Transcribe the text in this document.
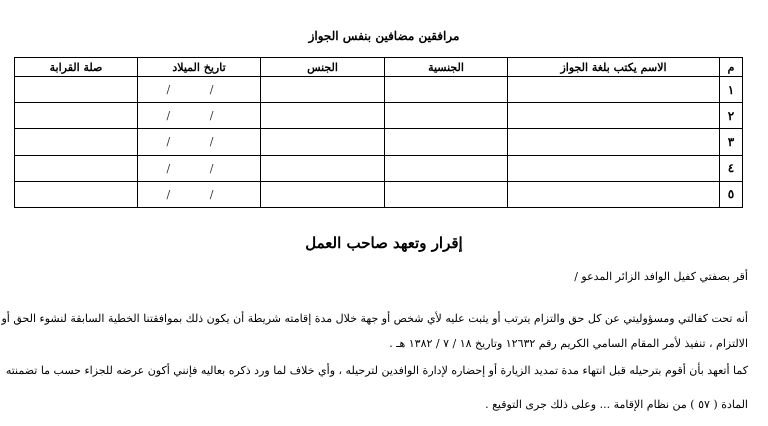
مرافقين مضافين بنفس الجواز
م	الاسم يكتب بلغة الجواز	الجنسية	الجنس	تاريخ الميلاد	صلة القرابة
١				/ /	
٢				/ /	
٣				/ /	
٤				/ /	
٥				/ /	
إقرار وتعهد صاحب العمل
أقر بصفتي كفيل الوافد الزائر المدعو /
أنه تحت كفالتي ومسؤوليتي عن كل حق والتزام يترتب أو يثبت عليه لأي شخص أو جهة خلال مدة إقامته شريطة أن يكون ذلك بموافقتنا الخطية السابقة لنشوء الحق أو
الالتزام ، تنفيذ لأمر المقام السامي الكريم رقم ١٢٦٣٢ وتاريخ ١٨ / ٧ / ١٣٨٢ هـ .
كما أتعهد بأن أقوم بترحيله قبل انتهاء مدة تمديد الزيارة أو إحضاره لإدارة الوافدين لترحيله ، وأي خلاف لما ورد ذكره بعاليه فإنني أكون عرضه للجزاء حسب ما تضمنته
المادة ( ٥٧ ) من نظام الإقامة ... وعلى ذلك جرى التوقيع .
